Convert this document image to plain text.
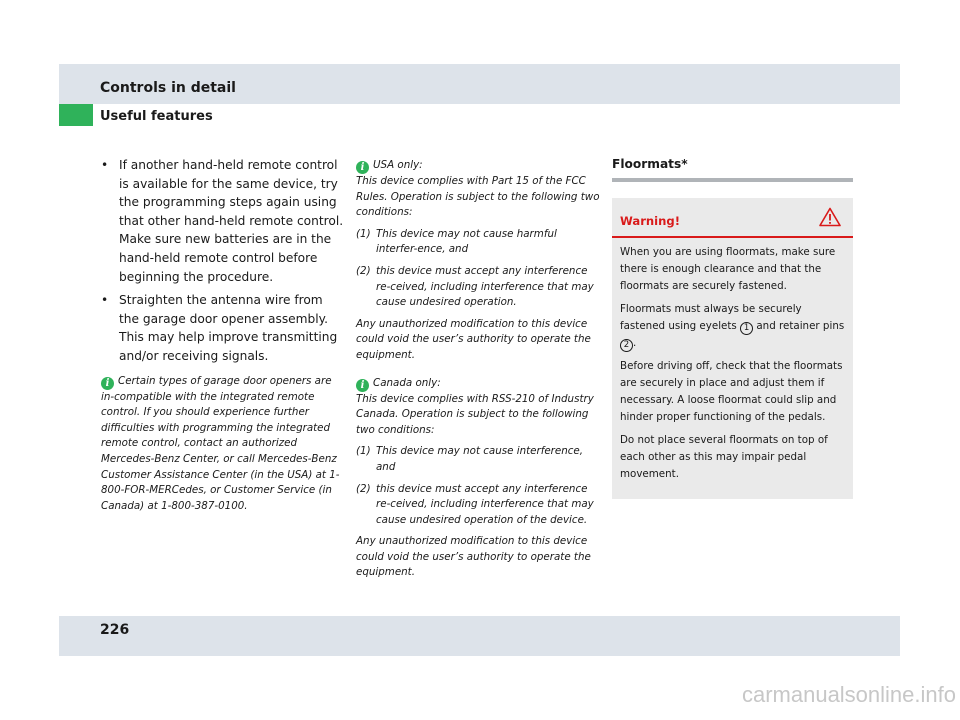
Controls in detail
Useful features
• If another hand-held remote control is available for the same device, try the programming steps again using that other hand-held remote control. Make sure new batteries are in the hand-held remote control before beginning the procedure.
• Straighten the antenna wire from the garage door opener assembly. This may help improve transmitting and/or receiving signals.
i Certain types of garage door openers are in-compatible with the integrated remote control. If you should experience further difficulties with programming the integrated remote control, contact an authorized Mercedes-Benz Center, or call Mercedes-Benz Customer Assistance Center (in the USA) at 1-800-FOR-MERCedes, or Customer Service (in Canada) at 1-800-387-0100.
i USA only:
This device complies with Part 15 of the FCC Rules. Operation is subject to the following two conditions:
(1) This device may not cause harmful interfer-ence, and
(2) this device must accept any interference re-ceived, including interference that may cause undesired operation.
Any unauthorized modification to this device could void the user’s authority to operate the equipment.
i Canada only:
This device complies with RSS-210 of Industry Canada. Operation is subject to the following two conditions:
(1) This device may not cause interference, and
(2) this device must accept any interference re-ceived, including interference that may cause undesired operation of the device.
Any unauthorized modification to this device could void the user’s authority to operate the equipment.
Floormats*
Warning!

When you are using floormats, make sure there is enough clearance and that the floormats are securely fastened.

Floormats must always be securely fastened using eyelets 1 and retainer pins 2 .

Before driving off, check that the floormats are securely in place and adjust them if necessary. A loose floormat could slip and hinder proper functioning of the pedals.

Do not place several floormats on top of each other as this may impair pedal movement.

226
carmanualsonline.info
